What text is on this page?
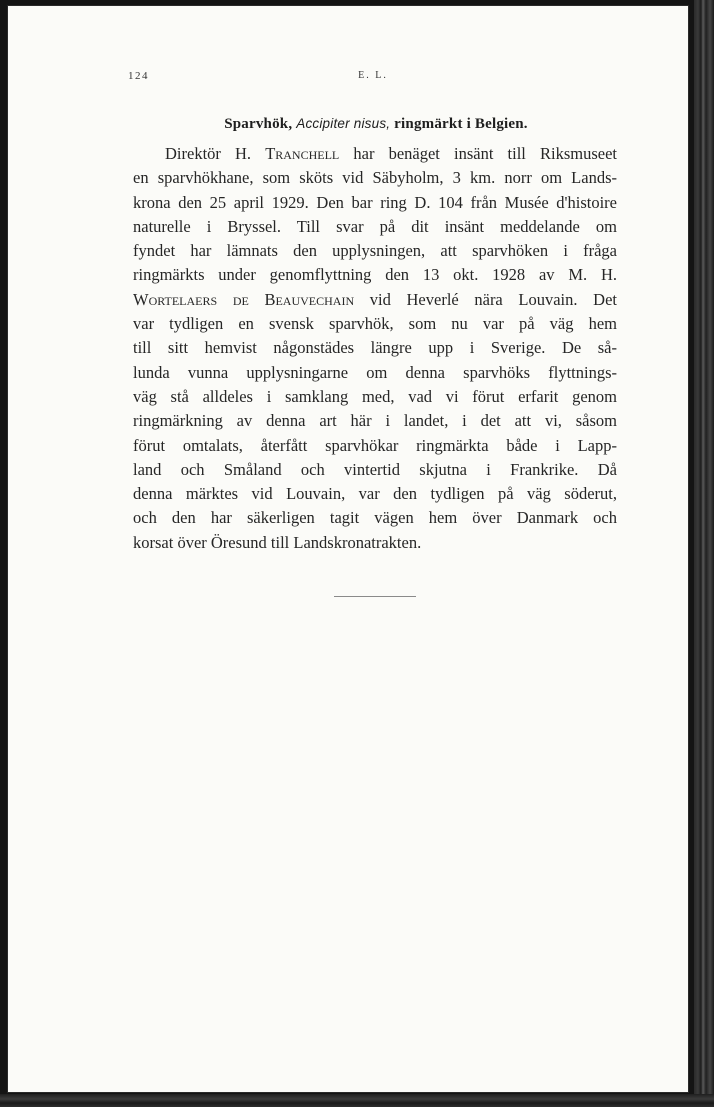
124	E. L.
Sparvhök, Accipiter nisus, ringmärkt i Belgien.
Direktör H. Tranchell har benäget insänt till Riksmuseet
en sparvhökhane, som sköts vid Säbyholm, 3 km. norr om Lands-
krona den 25 april 1929. Den bar ring D. 104 från Musée d'histoire
naturelle i Bryssel. Till svar på dit insänt meddelande om
fyndet har lämnats den upplysningen, att sparvhöken i fråga
ringmärkts under genomflyttning den 13 okt. 1928 av M. H.
Wortelaers de Beauvechain vid Heverlé nära Louvain. Det
var tydligen en svensk sparvhök, som nu var på väg hem
till sitt hemvist någonstädes längre upp i Sverige. De så-
lunda vunna upplysningarne om denna sparvhöks flyttnings-
väg stå alldeles i samklang med, vad vi förut erfarit genom
ringmärkning av denna art här i landet, i det att vi, såsom
förut omtalats, återfått sparvhökar ringmärkta både i Lapp-
land och Småland och vintertid skjutna i Frankrike. Då
denna märktes vid Louvain, var den tydligen på väg söderut,
och den har säkerligen tagit vägen hem över Danmark och
korsat över Öresund till Landskronatrakten.
